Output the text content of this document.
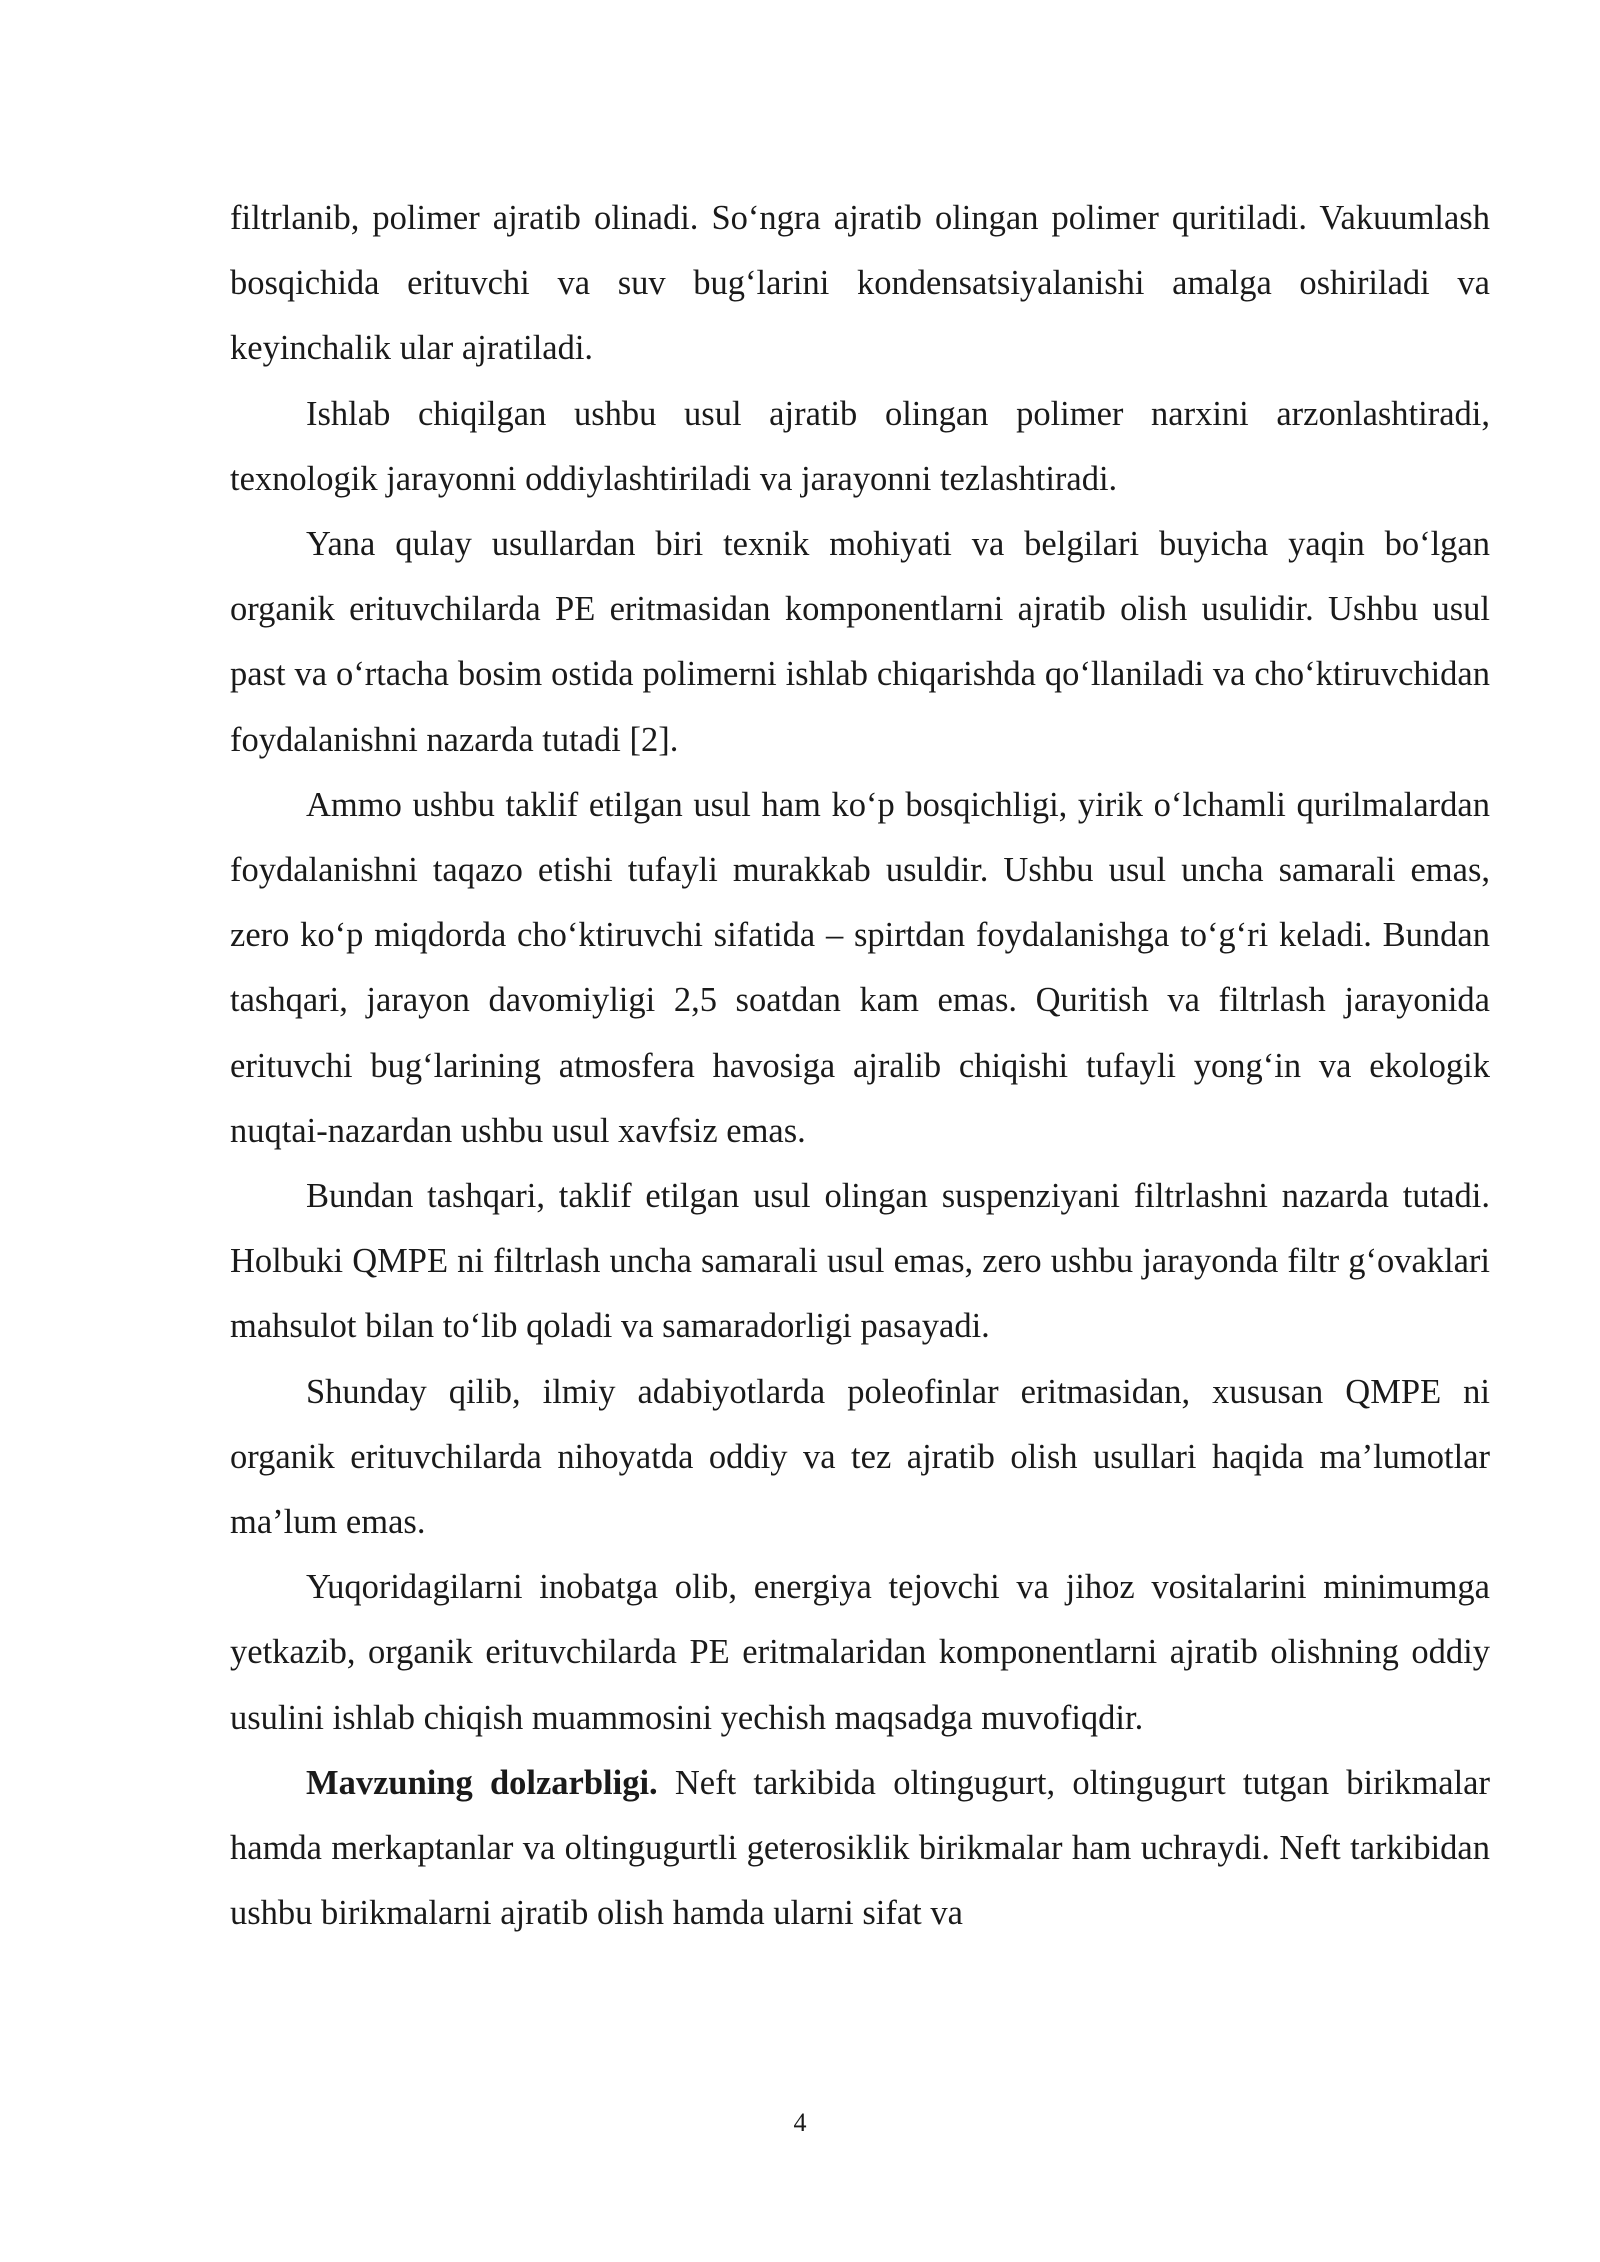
filtrlanib, polimer ajratib olinadi. So‘ngra ajratib olingan polimer quritiladi. Vakuumlash bosqichida erituvchi va suv bug‘larini kondensatsiyalanishi amalga oshiriladi va keyinchalik ular ajratiladi.

Ishlab chiqilgan ushbu usul ajratib olingan polimer narxini arzonlashtiradi, texnologik jarayonni oddiylashtiriladi va jarayonni tezlashtiradi.

Yana qulay usullardan biri texnik mohiyati va belgilari buyicha yaqin bo‘lgan organik erituvchilarda PE eritmasidan komponentlarni ajratib olish usulidir. Ushbu usul past va o‘rtacha bosim ostida polimerni ishlab chiqarishda qo‘llaniladi va cho‘ktiruvchidan foydalanishni nazarda tutadi [2].

Ammo ushbu taklif etilgan usul ham ko‘p bosqichligi, yirik o‘lchamli qurilmalardan foydalanishni taqazo etishi tufayli murakkab usuldir. Ushbu usul uncha samarali emas, zero ko‘p miqdorda cho‘ktiruvchi sifatida – spirtdan foydalanishga to‘g‘ri keladi. Bundan tashqari, jarayon davomiyligi 2,5 soatdan kam emas. Quritish va filtrlash jarayonida erituvchi bug‘larining atmosfera havosiga ajralib chiqishi tufayli yong‘in va ekologik nuqtai-nazardan ushbu usul xavfsiz emas.

Bundan tashqari, taklif etilgan usul olingan suspenziyani filtrlashni nazarda tutadi. Holbuki QMPE ni filtrlash uncha samarali usul emas, zero ushbu jarayonda filtr g‘ovaklari mahsulot bilan to‘lib qoladi va samaradorligi pasayadi.

Shunday qilib, ilmiy adabiyotlarda poleofinlar eritmasidan, xususan QMPE ni organik erituvchilarda nihoyatda oddiy va tez ajratib olish usullari haqida ma’lumotlar ma’lum emas.

Yuqoridagilarni inobatga olib, energiya tejovchi va jihoz vositalarini minimumga yetkazib, organik erituvchilarda PE eritmalaridan komponentlarni ajratib olishning oddiy usulini ishlab chiqish muammosini yechish maqsadga muvofiqdir.

Mavzuning dolzarbligi. Neft tarkibida oltingugurt, oltingugurt tutgan birikmalar hamda merkaptanlar va oltingugurtli geterosiklik birikmalar ham uchraydi. Neft tarkibidan ushbu birikmalarni ajratib olish hamda ularni sifat va

4
